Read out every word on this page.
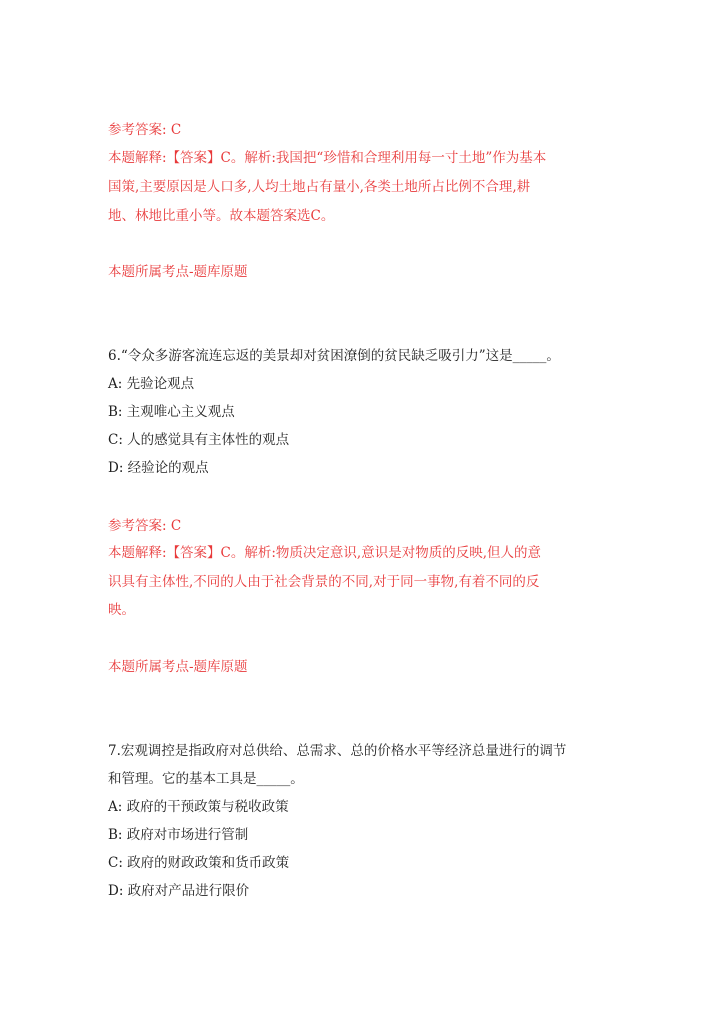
参考答案: C
本题解释:【答案】C。解析:我国把“珍惜和合理利用每一寸土地”作为基本
国策,主要原因是人口多,人均土地占有量小,各类土地所占比例不合理,耕
地、林地比重小等。故本题答案选C。
本题所属考点-题库原题
6.“令众多游客流连忘返的美景却对贫困潦倒的贫民缺乏吸引力”这是_____。
A: 先验论观点
B: 主观唯心主义观点
C: 人的感觉具有主体性的观点
D: 经验论的观点
参考答案: C
本题解释:【答案】C。解析:物质决定意识,意识是对物质的反映,但人的意
识具有主体性,不同的人由于社会背景的不同,对于同一事物,有着不同的反
映。
本题所属考点-题库原题
7.宏观调控是指政府对总供给、总需求、总的价格水平等经济总量进行的调节
和管理。它的基本工具是_____。
A: 政府的干预政策与税收政策
B: 政府对市场进行管制
C: 政府的财政政策和货币政策
D: 政府对产品进行限价
